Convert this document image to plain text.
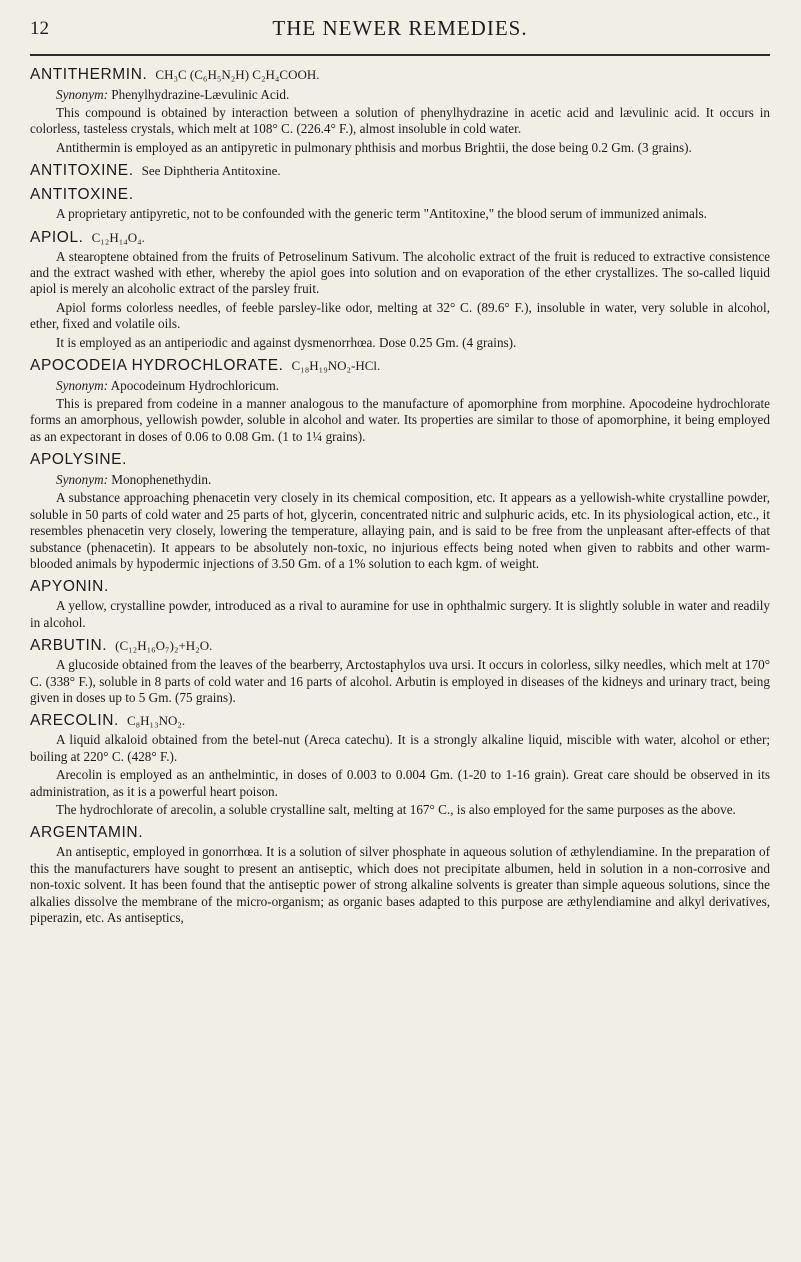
12	THE NEWER REMEDIES.
ANTITHERMIN. CH₃C (C₆H₅N₂H) C₂H₄COOH.
Synonym: Phenylhydrazine-Lævulinic Acid.

This compound is obtained by interaction between a solution of phenylhydrazine in acetic acid and lævulinic acid. It occurs in colorless, tasteless crystals, which melt at 108° C. (226.4° F.), almost insoluble in cold water.

Antithermin is employed as an antipyretic in pulmonary phthisis and morbus Brightii, the dose being 0.2 Gm. (3 grains).

ANTITOXINE. See Diphtheria Antitoxine.
ANTITOXINE.

A proprietary antipyretic, not to be confounded with the generic term "Antitoxine," the blood serum of immunized animals.

APIOL. C₁₂H₁₄O₄.

A stearoptene obtained from the fruits of Petroselinum Sativum. The alcoholic extract of the fruit is reduced to extractive consistence and the extract washed with ether, whereby the apiol goes into solution and on evaporation of the ether crystallizes. The so-called liquid apiol is merely an alcoholic extract of the parsley fruit.

Apiol forms colorless needles, of feeble parsley-like odor, melting at 32° C. (89.6° F.), insoluble in water, very soluble in alcohol, ether, fixed and volatile oils.

It is employed as an antiperiodic and against dysmenorrhœa. Dose 0.25 Gm. (4 grains).

APOCODEIA HYDROCHLORATE. C₁₈H₁₉NO₂-HCl.
Synonym: Apocodeinum Hydrochloricum.

This is prepared from codeine in a manner analogous to the manufacture of apomorphine from morphine. Apocodeine hydrochlorate forms an amorphous, yellowish powder, soluble in alcohol and water. Its properties are similar to those of apomorphine, it being employed as an expectorant in doses of 0.06 to 0.08 Gm. (1 to 1¼ grains).

APOLYSINE.
Synonym: Monophenethydin.

A substance approaching phenacetin very closely in its chemical composition, etc. It appears as a yellowish-white crystalline powder, soluble in 50 parts of cold water and 25 parts of hot, glycerin, concentrated nitric and sulphuric acids, etc. In its physiological action, etc., it resembles phenacetin very closely, lowering the temperature, allaying pain, and is said to be free from the unpleasant after-effects of that substance (phenacetin). It appears to be absolutely non-toxic, no injurious effects being noted when given to rabbits and other warm-blooded animals by hypodermic injections of 3.50 Gm. of a 1% solution to each kgm. of weight.

APYONIN.

A yellow, crystalline powder, introduced as a rival to auramine for use in ophthalmic surgery. It is slightly soluble in water and readily in alcohol.

ARBUTIN. (C₁₂H₁₆O₇)₂+H₂O.

A glucoside obtained from the leaves of the bearberry, Arctostaphylos uva ursi. It occurs in colorless, silky needles, which melt at 170° C. (338° F.), soluble in 8 parts of cold water and 16 parts of alcohol. Arbutin is employed in diseases of the kidneys and urinary tract, being given in doses up to 5 Gm. (75 grains).

ARECOLIN. C₈H₁₃NO₂.

A liquid alkaloid obtained from the betel-nut (Areca catechu). It is a strongly alkaline liquid, miscible with water, alcohol or ether; boiling at 220° C. (428° F.).

Arecolin is employed as an anthelmintic, in doses of 0.003 to 0.004 Gm. (1-20 to 1-16 grain). Great care should be observed in its administration, as it is a powerful heart poison.

The hydrochlorate of arecolin, a soluble crystalline salt, melting at 167° C., is also employed for the same purposes as the above.

ARGENTAMIN.

An antiseptic, employed in gonorrhœa. It is a solution of silver phosphate in aqueous solution of æthylendiamine. In the preparation of this the manufacturers have sought to present an antiseptic, which does not precipitate albumen, held in solution in a non-corrosive and non-toxic solvent. It has been found that the antiseptic power of strong alkaline solvents is greater than simple aqueous solutions, since the alkalies dissolve the membrane of the micro-organism; as organic bases adapted to this purpose are æthylendiamine and alkyl derivatives, piperazin, etc. As antiseptics,
